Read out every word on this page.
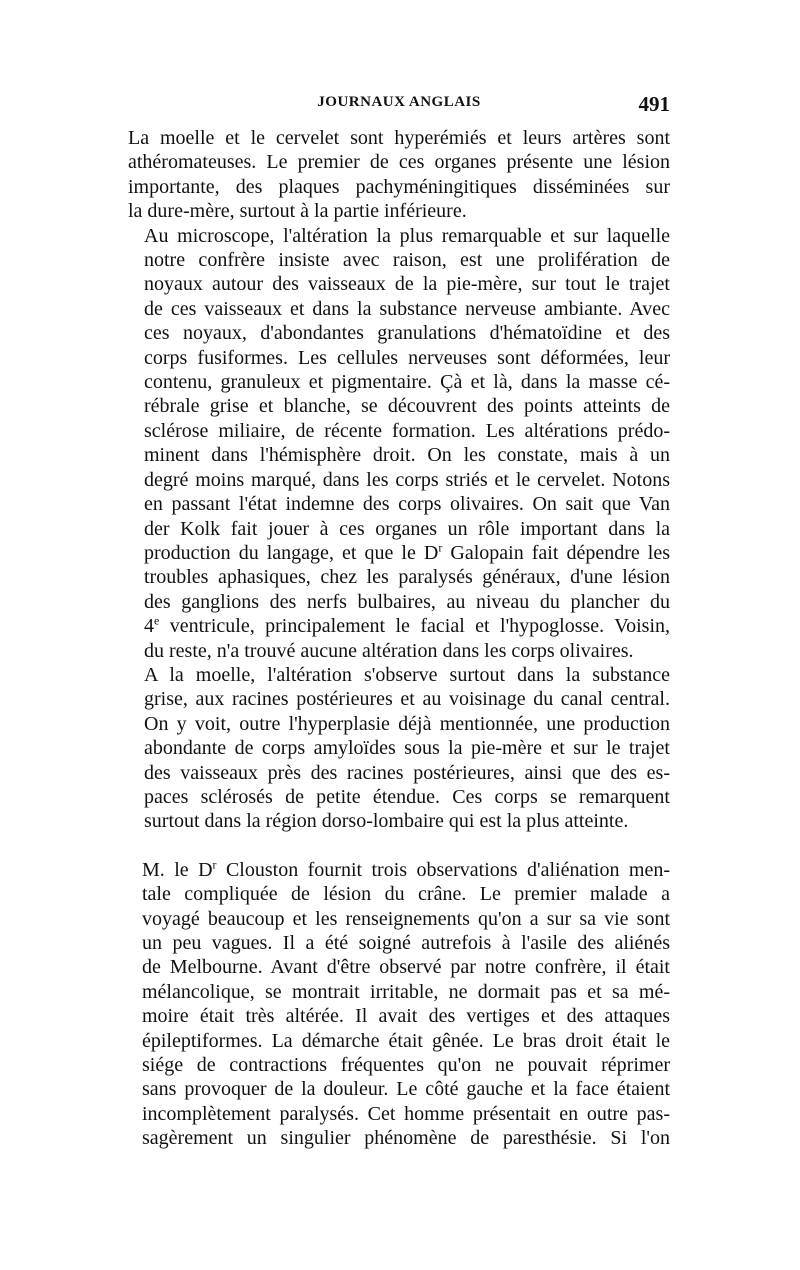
JOURNAUX ANGLAIS	491

La moelle et le cervelet sont hyperémiés et leurs artères sont
athéromateuses. Le premier de ces organes présente une lésion
importante, des plaques pachyméningitiques disséminées sur
la dure-mère, surtout à la partie inférieure.

Au microscope, l'altération la plus remarquable et sur laquelle
notre confrère insiste avec raison, est une prolifération de
noyaux autour des vaisseaux de la pie-mère, sur tout le trajet
de ces vaisseaux et dans la substance nerveuse ambiante. Avec
ces noyaux, d'abondantes granulations d'hématoïdine et des
corps fusiformes. Les cellules nerveuses sont déformées, leur
contenu, granuleux et pigmentaire. Çà et là, dans la masse cé-
rébrale grise et blanche, se découvrent des points atteints de
sclérose miliaire, de récente formation. Les altérations prédo-
minent dans l'hémisphère droit. On les constate, mais à un
degré moins marqué, dans les corps striés et le cervelet. Notons
en passant l'état indemne des corps olivaires. On sait que Van
der Kolk fait jouer à ces organes un rôle important dans la
production du langage, et que le $D^r$ Galopain fait dépendre les
troubles aphasiques, chez les paralysés généraux, d'une lésion
des ganglions des nerfs bulbaires, au niveau du plancher du
4e ventricule, principalement le facial et l'hypoglosse. Voisin,
du reste, n'a trouvé aucune altération dans les corps olivaires.

A la moelle, l'altération s'observe surtout dans la substance
grise, aux racines postérieures et au voisinage du canal central.
On y voit, outre l'hyperplasie déjà mentionnée, une production
abondante de corps amyloïdes sous la pie-mère et sur le trajet
des vaisseaux près des racines postérieures, ainsi que des es-
paces sclérosés de petite étendue. Ces corps se remarquent
surtout dans la région dorso-lombaire qui est la plus atteinte.

M. le $D^r$ Clouston fournit trois observations d'aliénation men-
tale compliquée de lésion du crâne. Le premier malade a
voyagé beaucoup et les renseignements qu'on a sur sa vie sont
un peu vagues. Il a été soigné autrefois à l'asile des aliénés
de Melbourne. Avant d'être observé par notre confrère, il était
mélancolique, se montrait irritable, ne dormait pas et sa mé-
moire était très altérée. Il avait des vertiges et des attaques
épileptiformes. La démarche était gênée. Le bras droit était le
siége de contractions fréquentes qu'on ne pouvait réprimer
sans provoquer de la douleur. Le côté gauche et la face étaient
incomplètement paralysés. Cet homme présentait en outre pas-
sagèrement un singulier phénomène de paresthésie. Si l'on
